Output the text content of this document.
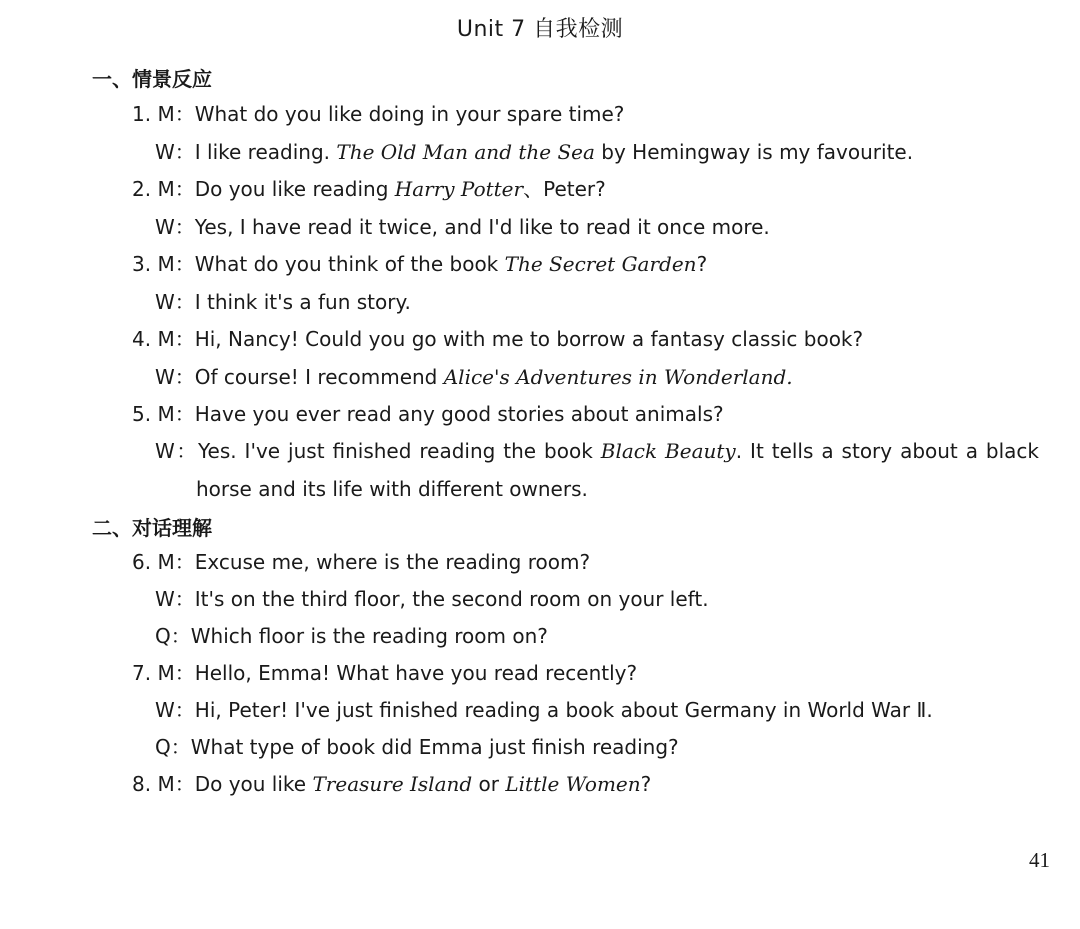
Unit 7 自我检测
一、情景反应
1. M：What do you like doing in your spare time?
W：I like reading. The Old Man and the Sea by Hemingway is my favourite.
2. M：Do you like reading Harry Potter、Peter?
W：Yes, I have read it twice, and I'd like to read it once more.
3. M：What do you think of the book The Secret Garden?
W：I think it's a fun story.
4. M：Hi, Nancy! Could you go with me to borrow a fantasy classic book?
W：Of course! I recommend Alice's Adventures in Wonderland.
5. M：Have you ever read any good stories about animals?
W：Yes. I've just finished reading the book Black Beauty. It tells a story about a black
horse and its life with different owners.
二、对话理解
6. M：Excuse me, where is the reading room?
W：It's on the third floor, the second room on your left.
Q：Which floor is the reading room on?
7. M：Hello, Emma! What have you read recently?
W：Hi, Peter! I've just finished reading a book about Germany in World War Ⅱ.
Q：What type of book did Emma just finish reading?
8. M：Do you like Treasure Island or Little Women?
41
